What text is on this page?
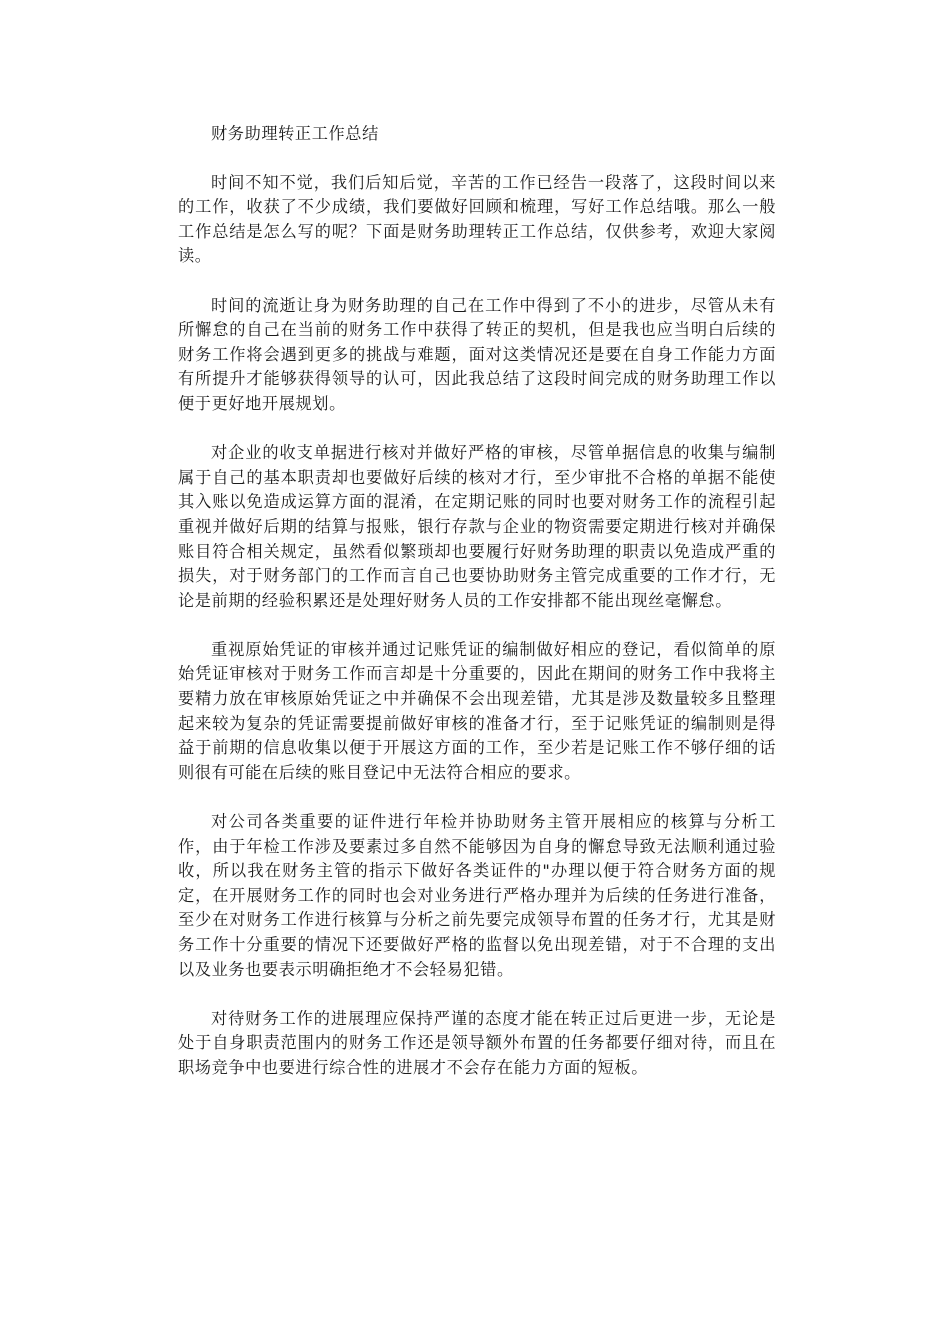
财务助理转正工作总结

时间不知不觉，我们后知后觉，辛苦的工作已经告一段落了，这段时间以来的工作，收获了不少成绩，我们要做好回顾和梳理，写好工作总结哦。那么一般工作总结是怎么写的呢？下面是财务助理转正工作总结，仅供参考，欢迎大家阅读。

时间的流逝让身为财务助理的自己在工作中得到了不小的进步，尽管从未有所懈怠的自己在当前的财务工作中获得了转正的契机，但是我也应当明白后续的财务工作将会遇到更多的挑战与难题，面对这类情况还是要在自身工作能力方面有所提升才能够获得领导的认可，因此我总结了这段时间完成的财务助理工作以便于更好地开展规划。

对企业的收支单据进行核对并做好严格的审核，尽管单据信息的收集与编制属于自己的基本职责却也要做好后续的核对才行，至少审批不合格的单据不能使其入账以免造成运算方面的混淆，在定期记账的同时也要对财务工作的流程引起重视并做好后期的结算与报账，银行存款与企业的物资需要定期进行核对并确保账目符合相关规定，虽然看似繁琐却也要履行好财务助理的职责以免造成严重的损失，对于财务部门的工作而言自己也要协助财务主管完成重要的工作才行，无论是前期的经验积累还是处理好财务人员的工作安排都不能出现丝毫懈怠。

重视原始凭证的审核并通过记账凭证的编制做好相应的登记，看似简单的原始凭证审核对于财务工作而言却是十分重要的，因此在期间的财务工作中我将主要精力放在审核原始凭证之中并确保不会出现差错，尤其是涉及数量较多且整理起来较为复杂的凭证需要提前做好审核的准备才行，至于记账凭证的编制则是得益于前期的信息收集以便于开展这方面的工作，至少若是记账工作不够仔细的话则很有可能在后续的账目登记中无法符合相应的要求。

对公司各类重要的证件进行年检并协助财务主管开展相应的核算与分析工作，由于年检工作涉及要素过多自然不能够因为自身的懈怠导致无法顺利通过验收，所以我在财务主管的指示下做好各类证件的"办理以便于符合财务方面的规定，在开展财务工作的同时也会对业务进行严格办理并为后续的任务进行准备，至少在对财务工作进行核算与分析之前先要完成领导布置的任务才行，尤其是财务工作十分重要的情况下还要做好严格的监督以免出现差错，对于不合理的支出以及业务也要表示明确拒绝才不会轻易犯错。

对待财务工作的进展理应保持严谨的态度才能在转正过后更进一步，无论是处于自身职责范围内的财务工作还是领导额外布置的任务都要仔细对待，而且在职场竞争中也要进行综合性的进展才不会存在能力方面的短板。
